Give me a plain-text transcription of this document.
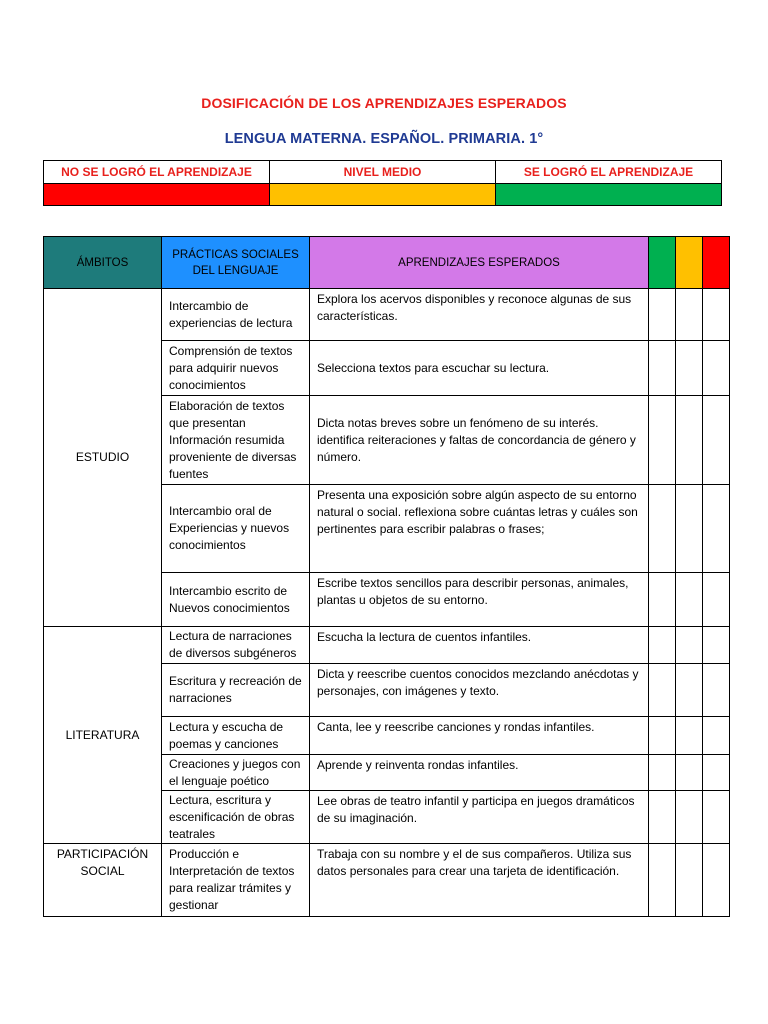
DOSIFICACIÓN DE LOS APRENDIZAJES ESPERADOS
LENGUA MATERNA. ESPAÑOL. PRIMARIA. 1°
NO SE LOGRÓ EL APRENDIZAJE	NIVEL MEDIO	SE LOGRÓ EL APRENDIZAJE

ÁMBITOS	PRÁCTICAS SOCIALES DEL LENGUAJE	APRENDIZAJES ESPERADOS			
ESTUDIO	Intercambio de experiencias de lectura	Explora los acervos disponibles y reconoce algunas de sus características.			
	Comprensión de textos para adquirir nuevos conocimientos	Selecciona textos para escuchar su lectura.			
	Elaboración de textos que presentan Información resumida proveniente de diversas fuentes	Dicta notas breves sobre un fenómeno de su interés. identifica reiteraciones y faltas de concordancia de género y número.			
	Intercambio oral de Experiencias y nuevos conocimientos	Presenta una exposición sobre algún aspecto de su entorno natural o social. reflexiona sobre cuántas letras y cuáles son pertinentes para escribir palabras o frases;			
	Intercambio escrito de Nuevos conocimientos	Escribe textos sencillos para describir personas, animales, plantas u objetos de su entorno.			
LITERATURA	Lectura de narraciones de diversos subgéneros	Escucha la lectura de cuentos infantiles.			
	Escritura y recreación de narraciones	Dicta y reescribe cuentos conocidos mezclando anécdotas y personajes, con imágenes y texto.			
	Lectura y escucha de poemas y canciones	Canta, lee y reescribe canciones y rondas infantiles.			
	Creaciones y juegos con el lenguaje poético	Aprende y reinventa rondas infantiles.			
	Lectura, escritura y escenificación de obras teatrales	Lee obras de teatro infantil y participa en juegos dramáticos de su imaginación.			
PARTICIPACIÓN SOCIAL	Producción e Interpretación de textos para realizar trámites y gestionar	Trabaja con su nombre y el de sus compañeros. Utiliza sus datos personales para crear una tarjeta de identificación.			
